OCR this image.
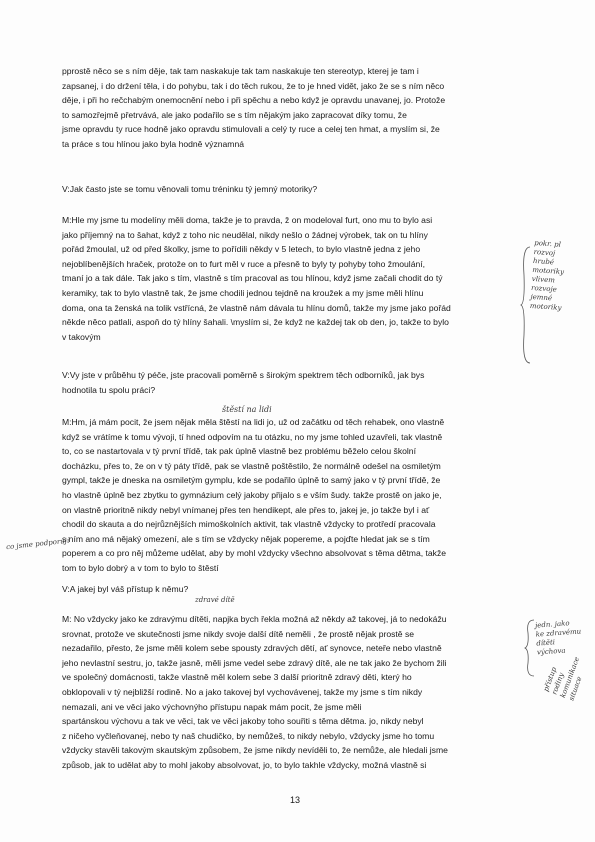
pprostě něco se s ním děje, tak tam naskakuje tak tam naskakuje ten stereotyp, kterej je tam i
zapsanej, i do držení těla, i do pohybu, tak i do těch rukou, že to je hned vidět, jako že se s ním něco
děje, i při ho rečchabým onemocnění nebo i při spěchu a nebo když je opravdu unavanej, jo. Protože
to samozřejmě přetrvává, ale jako podařilo se s tím nějakým jako zapracovat díky tomu, že
jsme opravdu ty ruce hodně jako opravdu stimulovali a celý ty ruce a celej ten hmat, a myslím si, že
ta práce s tou hlínou jako byla hodně významná
V:Jak často jste se tomu věnovali tomu tréninku tý jemný motoriky?
M:Hle my jsme tu modelíny měli doma, takže je to pravda, ž on modeloval furt, ono mu to bylo asi
jako příjemný na to šahat, když z toho nic neudělal, nikdy nešlo o žádnej výrobek, tak on tu hlíny
pořád žmoulal, už od před školky, jsme to pořídili někdy v 5 letech, to bylo vlastně jedna z jeho
nejoblíbenějších hraček, protože on to furt měl v ruce a přesně to byly ty pohyby toho žmoulání,
tmaní jo a tak dále. Tak jako s tím, vlastně s tím pracoval as tou hlínou, když jsme začali chodit do tý
keramiky, tak to bylo vlastně tak, že jsme chodili jednou tejdně na kroužek a my jsme měli hlínu
doma, ona ta ženská na tolik vstřícná, že vlastně nám dávala tu hlínu domů, takže my jsme jako pořád
někde něco patlali, aspoň do tý hlíny šahali. \myslím si, že když ne každej tak ob den, jo, takže to bylo
v takovým
V:Vy jste v průběhu tý péče, jste pracovali poměrně s širokým spektrem těch odborníků, jak bys
hodnotila tu spolu práci?
M:Hm, já mám pocit, že jsem nějak měla štěstí na lidi jo, už od začátku od těch rehabek, ono vlastně
když se vrátíme k tomu vývoji, tí hned odpovím na tu otázku, no my jsme tohled uzavřeli, tak vlastně
to, co se nastartovala v tý první třídě, tak pak úplně vlastně bez problému běželo celou školní
docházku, přes to, že on v tý páty třídě, pak se vlastně poštěstilo, že normálně odešel na osmiletým
gympl, takže je dneska na osmiletým gymplu, kde se podařilo úplně to samý jako v tý první třídě, že
ho vlastně úplně bez zbytku to gymnázium celý jakoby přijalo s e vším šudy. takže prostě on jako je,
on vlastně prioritně nikdy nebyl vnímanej přes ten hendikept, ale přes to, jakej je, jo takže byl i ať
chodil do skauta a do nejrůznějších mimoškolních aktivit, tak vlastně vždycky to protředí pracovala
s ním ano má nějaký omezení, ale s tím se vždycky nějak popereme, a pojďte hledat jak se s tím
poperem a co pro něj můžeme udělat, aby by mohl vždycky všechno absolvovat s těma dětma, takže
tom to bylo dobrý a v tom to bylo to štěstí
V:A jakej byl váš přístup k němu?
M: No vždycky jako ke zdravýmu dítěti, napjka bych řekla možná až někdy až takovej, já to nedokážu
srovnat, protože ve skutečnosti jsme nikdy svoje další dítě neměli , že prostě nějak prostě se
nezadařilo, přesto, že jsme měli kolem sebe spousty zdravých dětí, ať synovce, neteře nebo vlastně
jeho nevlastní sestru, jo, takže jasně, měli jsme vedel sebe zdravý dítě, ale ne tak jako že bychom žili
ve společný domácnosti, takže vlastně měl kolem sebe 3 další prioritně zdravý děti, který ho
obklopovali v tý nejbližší rodině. No a jako takovej byl vychovávenej, takže my jsme s tím nikdy
nemazali, ani ve věci jako výchovnýho přístupu napak mám pocit, že jsme měli
spartánskou výchovu a tak ve věci, tak ve věci jakoby toho souřiti s těma dětma. jo, nikdy nebyl
z ničeho vyčleňovanej, nebo ty naš chudičko, by nemůžeš, to nikdy nebylo, vždycky jsme ho tomu
vždycky stavěli takovým skautským způsobem, že jsme nikdy nevíděli to, že nemůže, ale hledali jsme
způsob, jak to udělat aby to mohl jakoby absolvovat, jo, to bylo takhle vždycky, možná vlastně si
štěstí na lidi
co jsme podporují
zdravé dítě
pokr. pl
rozvoj
hrubé
motoriky
vlivem
rozvoje
jemné
motoriky
jedn. jako
ke zdravému
dítěti
výchova
přístup
rodiny
komunikace
situace
13
